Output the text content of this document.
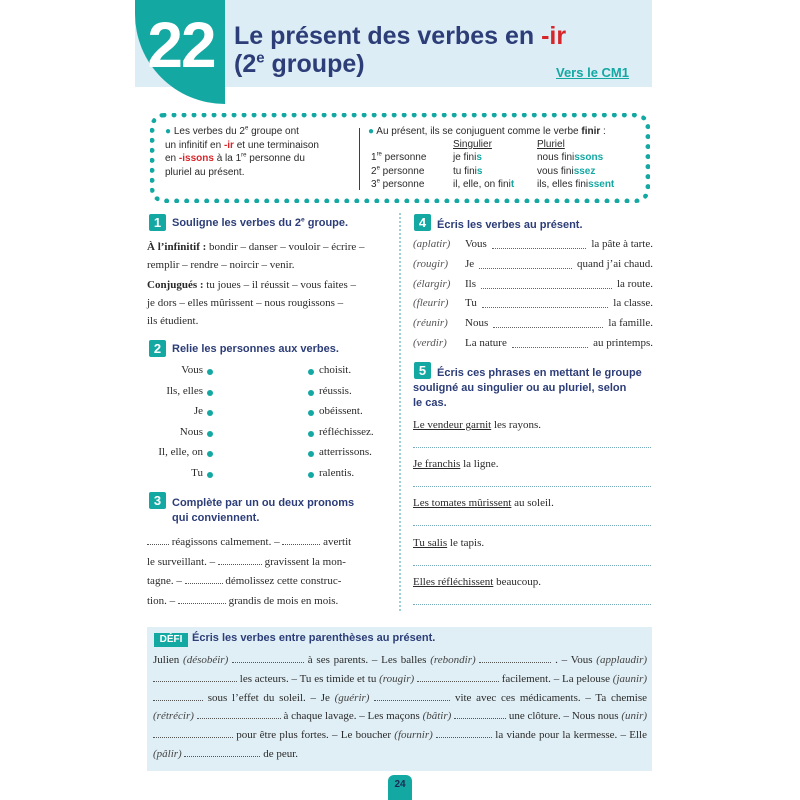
22 Le présent des verbes en -ir
(2e groupe)	Vers le CM1
● Les verbes du 2e groupe ont
un infinitif en -ir et une terminaison
en -issons à la 1re personne du
pluriel au présent.
● Au présent, ils se conjuguent comme le verbe finir :
Singulier	Pluriel
1re personne	je finis	nous finissons
2e personne	tu finis	vous finissez
3e personne	il, elle, on finit ils, elles finissent
1 Souligne les verbes du 2e groupe.
À l’infinitif : bondir – danser – vouloir – écrire –
remplir – rendre – noircir – venir.
Conjugués : tu joues – il réussit – vous faites –
je dors – elles mûrissent – nous rougissons –
ils étudient.
2 Relie les personnes aux verbes.
Vous
Ils, elles
Je
Nous
Il, elle, on
Tu
choisit.
réussis.
obéissent.
réfléchissez.
atterrissons.
ralentis.
3 Complète par un ou deux pronoms
qui conviennent.
réagissons calmement. –	avertit
le surveillant. –	gravissent la mon-
tagne. –	démolissez cette construc-
tion. –	grandis de mois en mois.
4 Écris les verbes au présent.
(aplatir) Vous	la pâte à tarte.
(rougir) Je	quand j’ai chaud.
(élargir) Ils	la route.
(fleurir) Tu	la classe.
(réunir) Nous	la famille.
(verdir) La nature	au printemps.
5 Écris ces phrases en mettant le groupe
souligné au singulier ou au pluriel, selon
le cas.
Le vendeur garnit les rayons.
Je franchis la ligne.
Les tomates mûrissent au soleil.
Tu salis le tapis.
Elles réfléchissent beaucoup.
DÉFI Écris les verbes entre parenthèses au présent.
Julien (désobéir)	à ses parents. – Les balles (rebondir)	. – Vous (applaudir)  les acteurs. – Tu es timide et tu (rougir)	facilement. – La pelouse (jaunir)  sous l’effet du soleil. – Je (guérir)	vite avec ces médicaments. – Ta chemise (rétrécir)	à chaque lavage. – Les maçons (bâtir)	une clôture. – Nous nous (unir)  pour être plus fortes. – Le boucher (fournir)	la viande pour la kermesse. – Elle (pâlir)	de peur.
24
